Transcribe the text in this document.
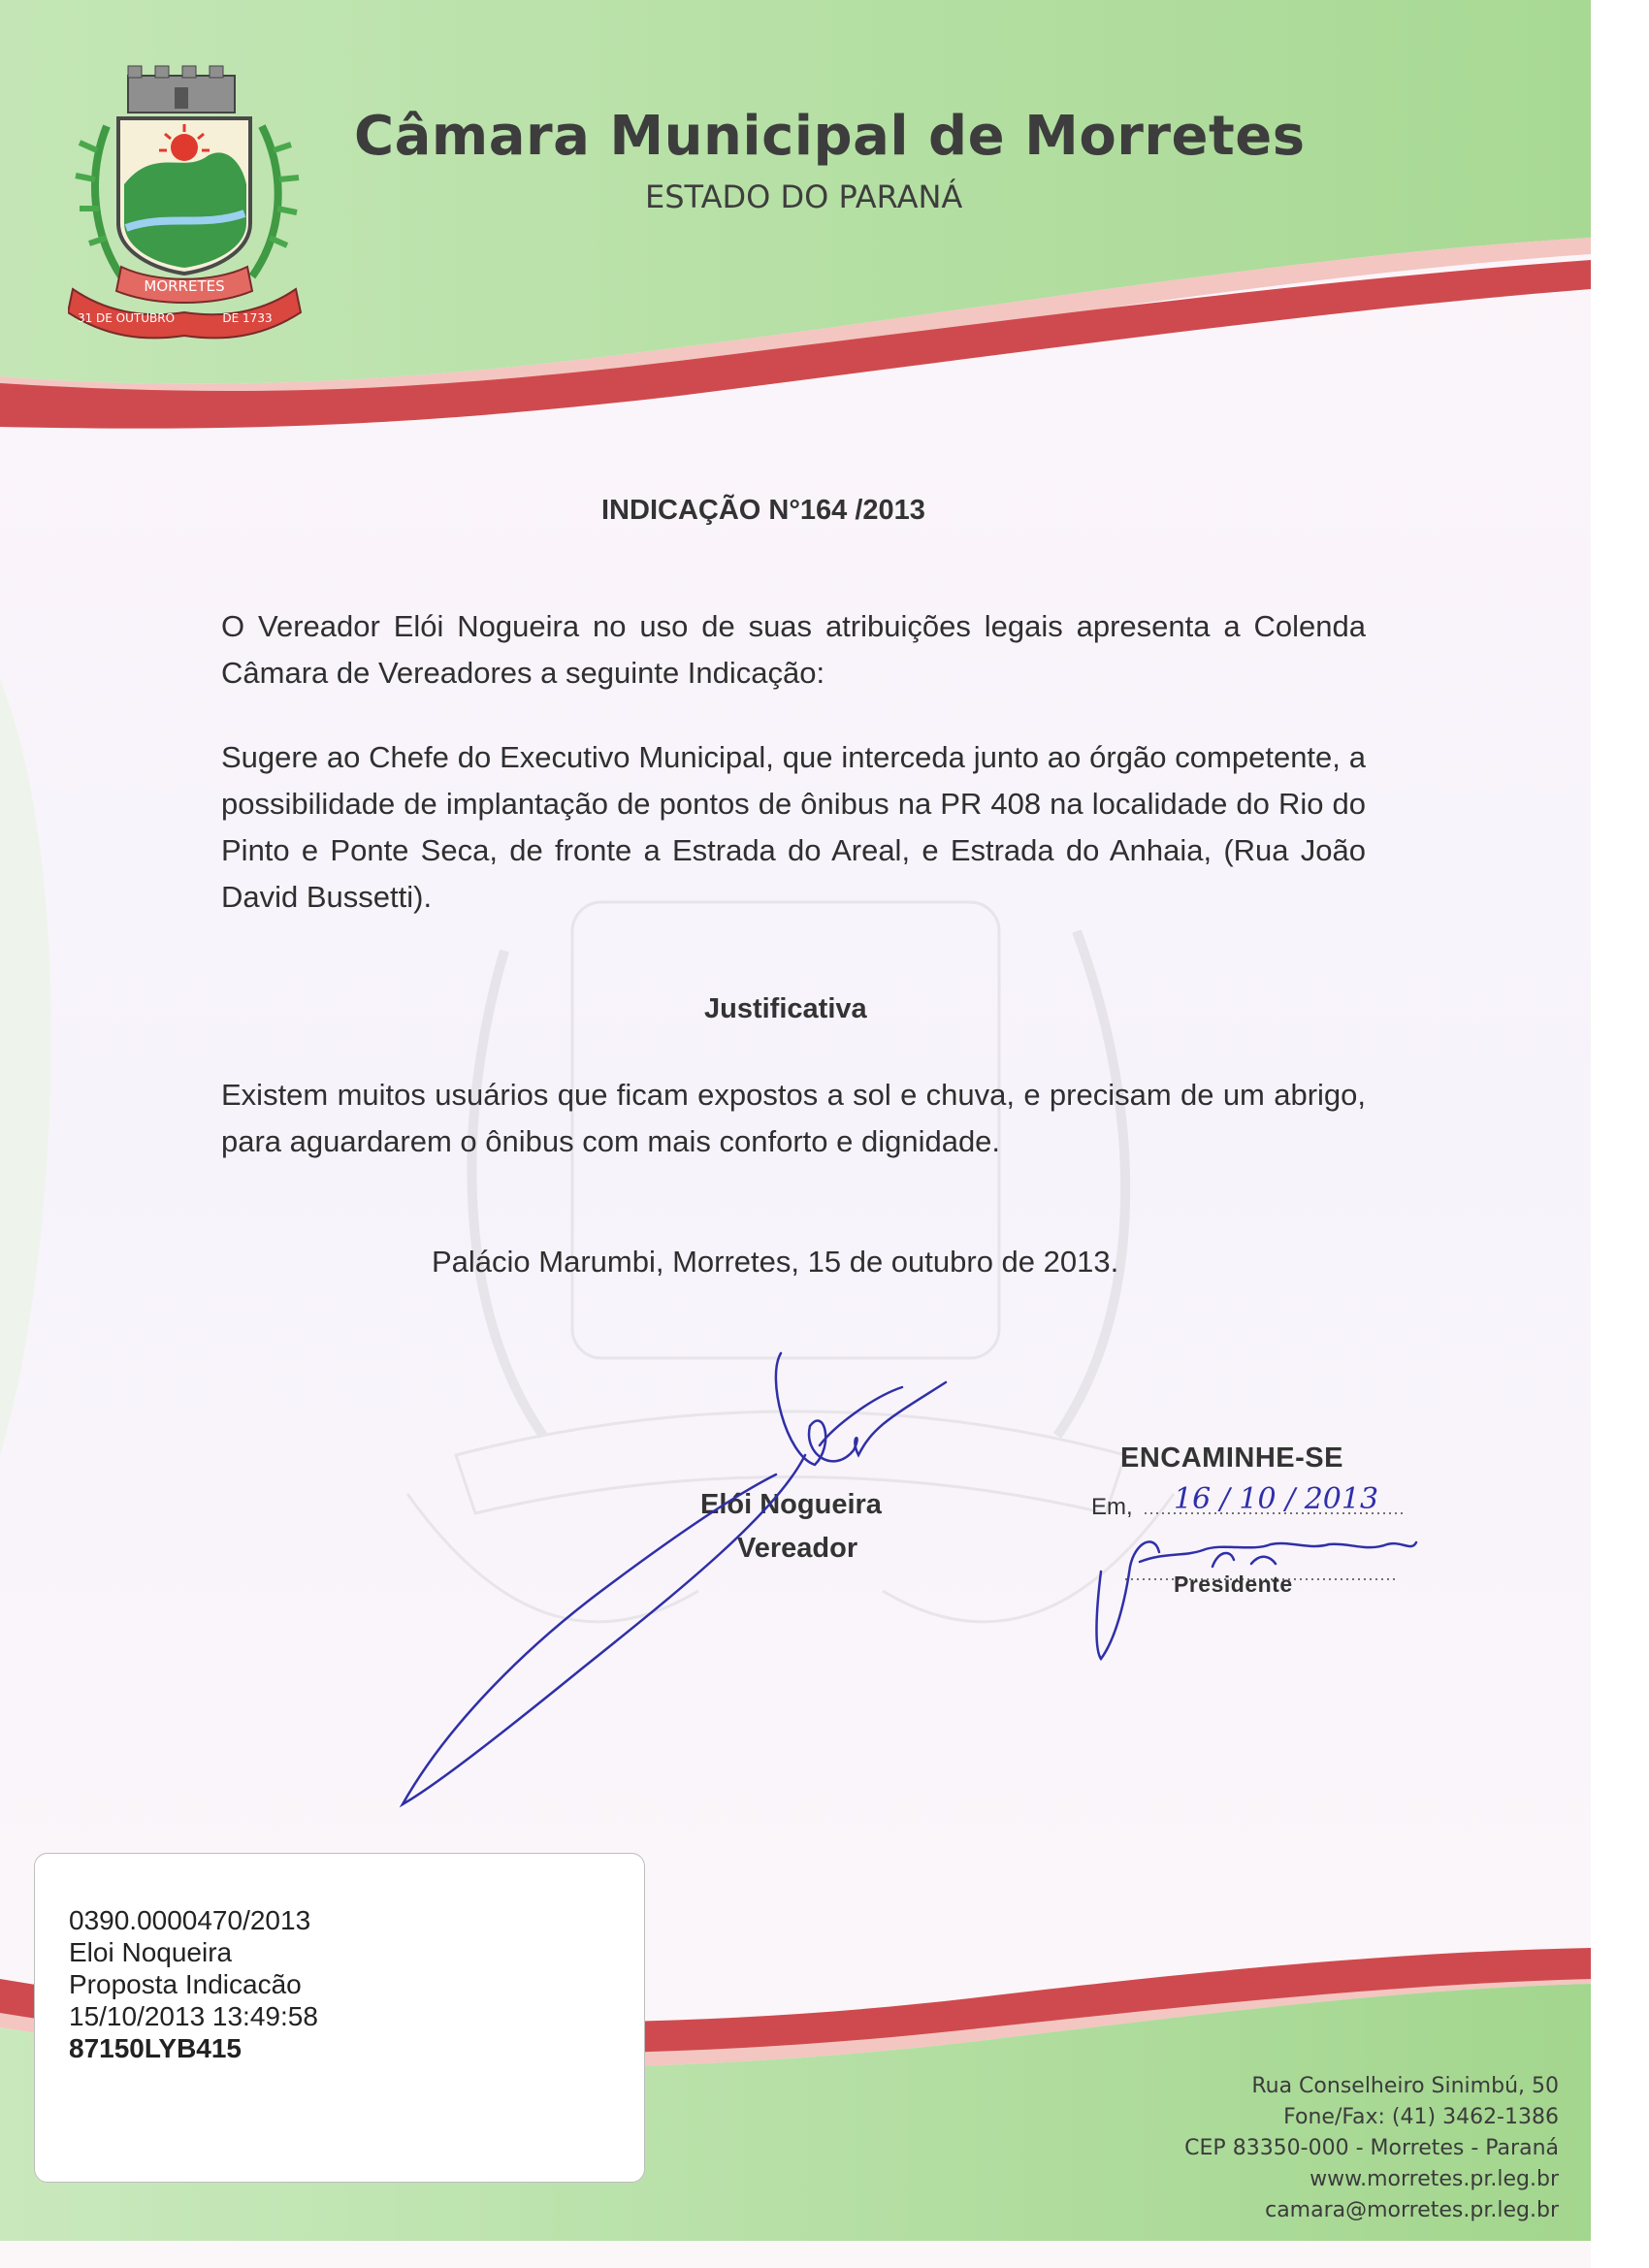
MORRETES
31 DE OUTUBRO	DE 1733
Câmara Municipal de Morretes
ESTADO DO PARANÁ
INDICAÇÃO N°164 /2013
O Vereador Elói Nogueira no uso de suas atribuições legais apresenta a Colenda Câmara de Vereadores a seguinte Indicação:
Sugere ao Chefe do Executivo Municipal, que interceda junto ao órgão competente, a possibilidade de implantação de pontos de ônibus na PR 408 na localidade do Rio do Pinto e Ponte Seca, de fronte a Estrada do Areal, e Estrada do Anhaia, (Rua João David Bussetti).
Justificativa
Existem muitos usuários que ficam expostos a sol e chuva, e precisam de um abrigo, para aguardarem o ônibus com mais conforto e dignidade.
Palácio Marumbi, Morretes, 15 de outubro de 2013.
16 / 10 / 2013
Elói Nogueira
Vereador
ENCAMINHE-SE
Em,
Presidente
0390.0000470/2013
Eloi Noqueira
Proposta Indicacão
15/10/2013 13:49:58
87150LYB415
Rua Conselheiro Sinimbú, 50
Fone/Fax: (41) 3462-1386
CEP 83350-000 - Morretes - Paraná
www.morretes.pr.leg.br
camara@morretes.pr.leg.br
